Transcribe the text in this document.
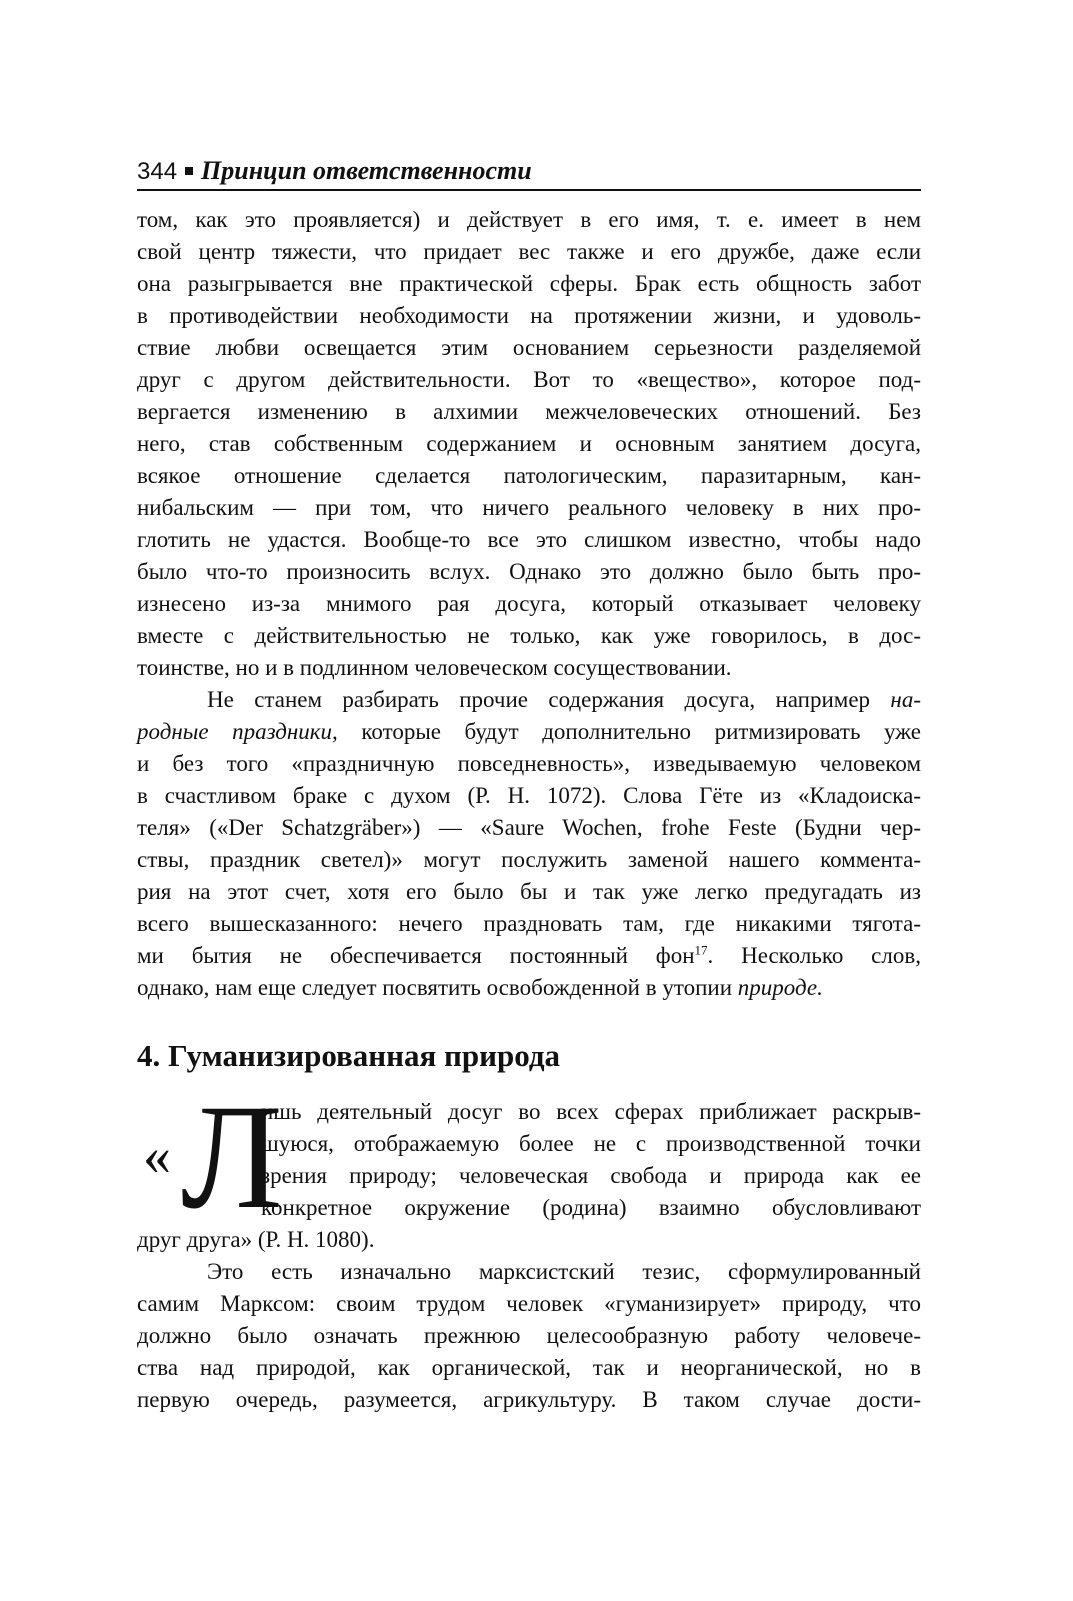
344 Принцип ответственности
том, как это проявляется) и действует в его имя, т. е. имеет в нем
свой центр тяжести, что придает вес также и его дружбе, даже если
она разыгрывается вне практической сферы. Брак есть общность забот
в противодействии необходимости на протяжении жизни, и удоволь-
ствие любви освещается этим основанием серьезности разделяемой
друг с другом действительности. Вот то «вещество», которое под-
вергается изменению в алхимии межчеловеческих отношений. Без
него, став собственным содержанием и основным занятием досуга,
всякое отношение сделается патологическим, паразитарным, кан-
нибальским — при том, что ничего реального человеку в них про-
глотить не удастся. Вообще-то все это слишком известно, чтобы надо
было что-то произносить вслух. Однако это должно было быть про-
изнесено из-за мнимого рая досуга, который отказывает человеку
вместе с действительностью не только, как уже говорилось, в дос-
тоинстве, но и в подлинном человеческом сосуществовании.
Не станем разбирать прочие содержания досуга, например на-
родные праздники, которые будут дополнительно ритмизировать уже
и без того «праздничную повседневность», изведываемую человеком
в счастливом браке с духом (Р. Н. 1072). Слова Гёте из «Кладоиска-
теля» («Der Schatzgräber») — «Saure Wochen, frohe Feste (Будни чер-
ствы, праздник светел)» могут послужить заменой нашего коммента-
рия на этот счет, хотя его было бы и так уже легко предугадать из
всего вышесказанного: нечего праздновать там, где никакими тягота-
ми бытия не обеспечивается постоянный фон$^{17}$. Несколько слов,
однако, нам еще следует посвятить освобожденной в утопии природе.
4. Гуманизированная природа
« Л
ишь деятельный досуг во всех сферах приближает раскрыв-
шуюся, отображаемую более не с производственной точки
зрения природу; человеческая свобода и природа как ее
конкретное окружение (родина) взаимно обусловливают
друг друга» (Р. Н. 1080).
Это есть изначально марксистский тезис, сформулированный
самим Марксом: своим трудом человек «гуманизирует» природу, что
должно было означать прежнюю целесообразную работу человече-
ства над природой, как органической, так и неорганической, но в
первую очередь, разумеется, агрикультуру. В таком случае дости-
